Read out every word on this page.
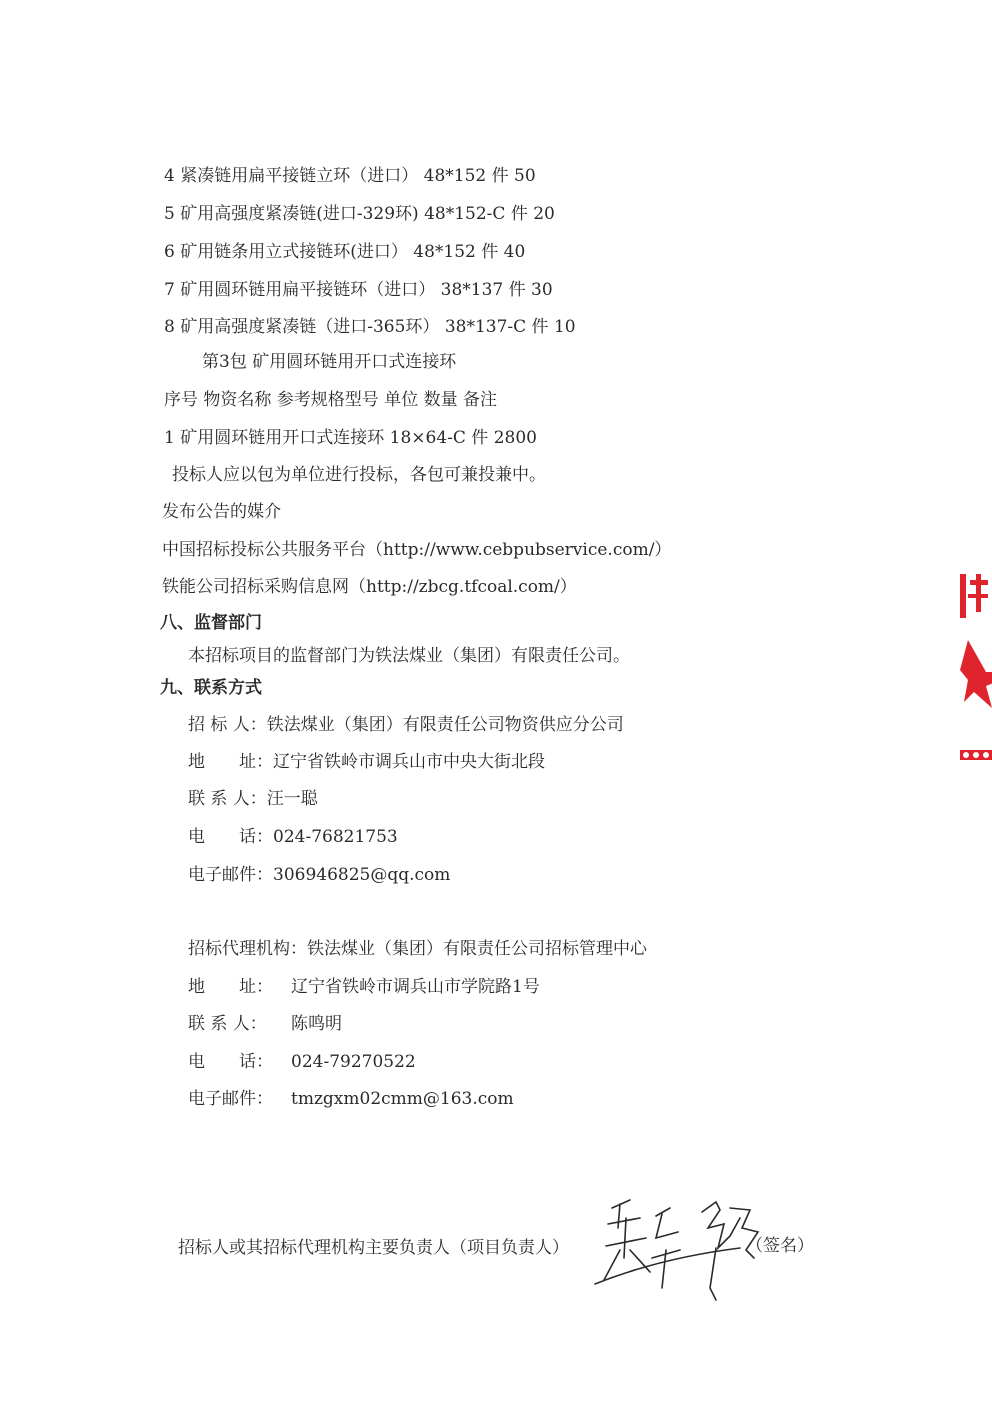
4 紧凑链用扁平接链立环（进口） 48*152 件 50
5 矿用高强度紧凑链(进口-329环) 48*152-C 件 20
6 矿用链条用立式接链环(进口） 48*152 件 40
7 矿用圆环链用扁平接链环（进口） 38*137 件 30
8 矿用高强度紧凑链（进口-365环） 38*137-C 件 10
第3包 矿用圆环链用开口式连接环
序号 物资名称 参考规格型号 单位 数量 备注
1 矿用圆环链用开口式连接环 18×64-C 件 2800
投标人应以包为单位进行投标，各包可兼投兼中。
发布公告的媒介
中国招标投标公共服务平台（http://www.cebpubservice.com/）
铁能公司招标采购信息网（http://zbcg.tfcoal.com/）
八、监督部门
本招标项目的监督部门为铁法煤业（集团）有限责任公司。
九、联系方式
招 标 人：铁法煤业（集团）有限责任公司物资供应分公司
地　　址：辽宁省铁岭市调兵山市中央大街北段
联 系 人：汪一聪
电　　话：024-76821753
电子邮件：306946825@qq.com
招标代理机构：铁法煤业（集团）有限责任公司招标管理中心
地　　址： 辽宁省铁岭市调兵山市学院路1号
联 系 人： 陈鸣明
电　　话： 024-79270522
电子邮件： tmzgxm02cmm@163.com
招标人或其招标代理机构主要负责人（项目负责人）	（签名）
